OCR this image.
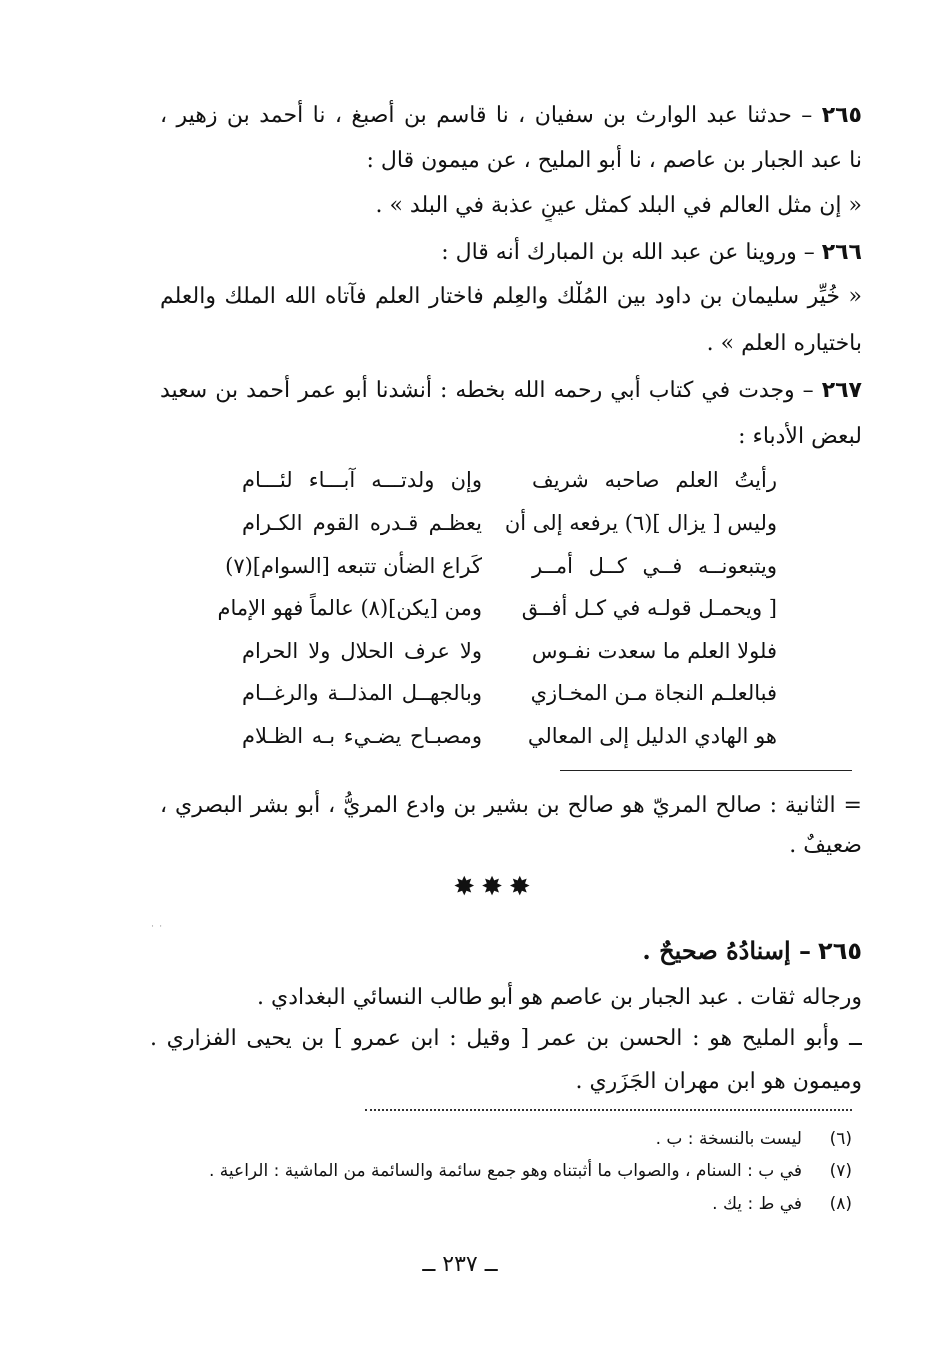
٢٦٥ – حدثنا عبد الوارث بن سفيان ، نا قاسم بن أصبغ ، نا أحمد بن زهير ،
نا عبد الجبار بن عاصم ، نا أبو المليح ، عن ميمون قال :
« إن مثل العالم في البلد كمثل عينٍ عذبة في البلد » .
٢٦٦ – وروينا عن عبد الله بن المبارك أنه قال :
« خُيِّر سليمان بن داود بين المُلْك والعِلم فاختار العلم فآتاه الله الملك والعلم
باختياره العلم » .
٢٦٧ – وجدت في كتاب أبي رحمه الله بخطه : أنشدنا أبو عمر أحمد بن سعيد
لبعض الأدباء :
رأيتُ العلم صاحبه شريف
وإن ولدتـــه آبـــاء لئـــام
وليس [ يزال ](٦) يرفعه إلى أن
يعظـم قـدره القوم الكـرام
ويتبعونــه فــي كــل أمــر
كَراع الضأن تتبعه [السوام](٧)
[ ويحمـل قولـه في كـل أفــق
ومن [يكن](٨) عالماً فهو الإمام
فلولا العلم ما سعدت نفـوس
ولا عرف الحلال ولا الحرام
فبالعلـم النجاة مـن المخـازي
وبالجهــل المذلــة والرغــام
هو الهادي الدليل إلى المعالي
ومصبـاح يضـيء بـه الظـلام
= الثانية : صالح المريّ هو صالح بن بشير بن وادع المريُّ ، أبو بشر البصري ،
ضعيفٌ .
✸✸✸
˙ ˙
٢٦٥ – إسنادُهُ صحيحٌ .
ورجاله ثقات . عبد الجبار بن عاصم هو أبو طالب النسائي البغدادي .
ــ وأبو المليح هو : الحسن بن عمر [ وقيل : ابن عمرو ] بن يحيى الفزاري .
وميمون هو ابن مهران الجَزَري .
(٦)ليست بالنسخة : ب .
(٧)في ب : السنام ، والصواب ما أثبتناه وهو جمع سائمة والسائمة من الماشية : الراعية .
(٨)في ط : يك .
ــ ٢٣٧ ــ
